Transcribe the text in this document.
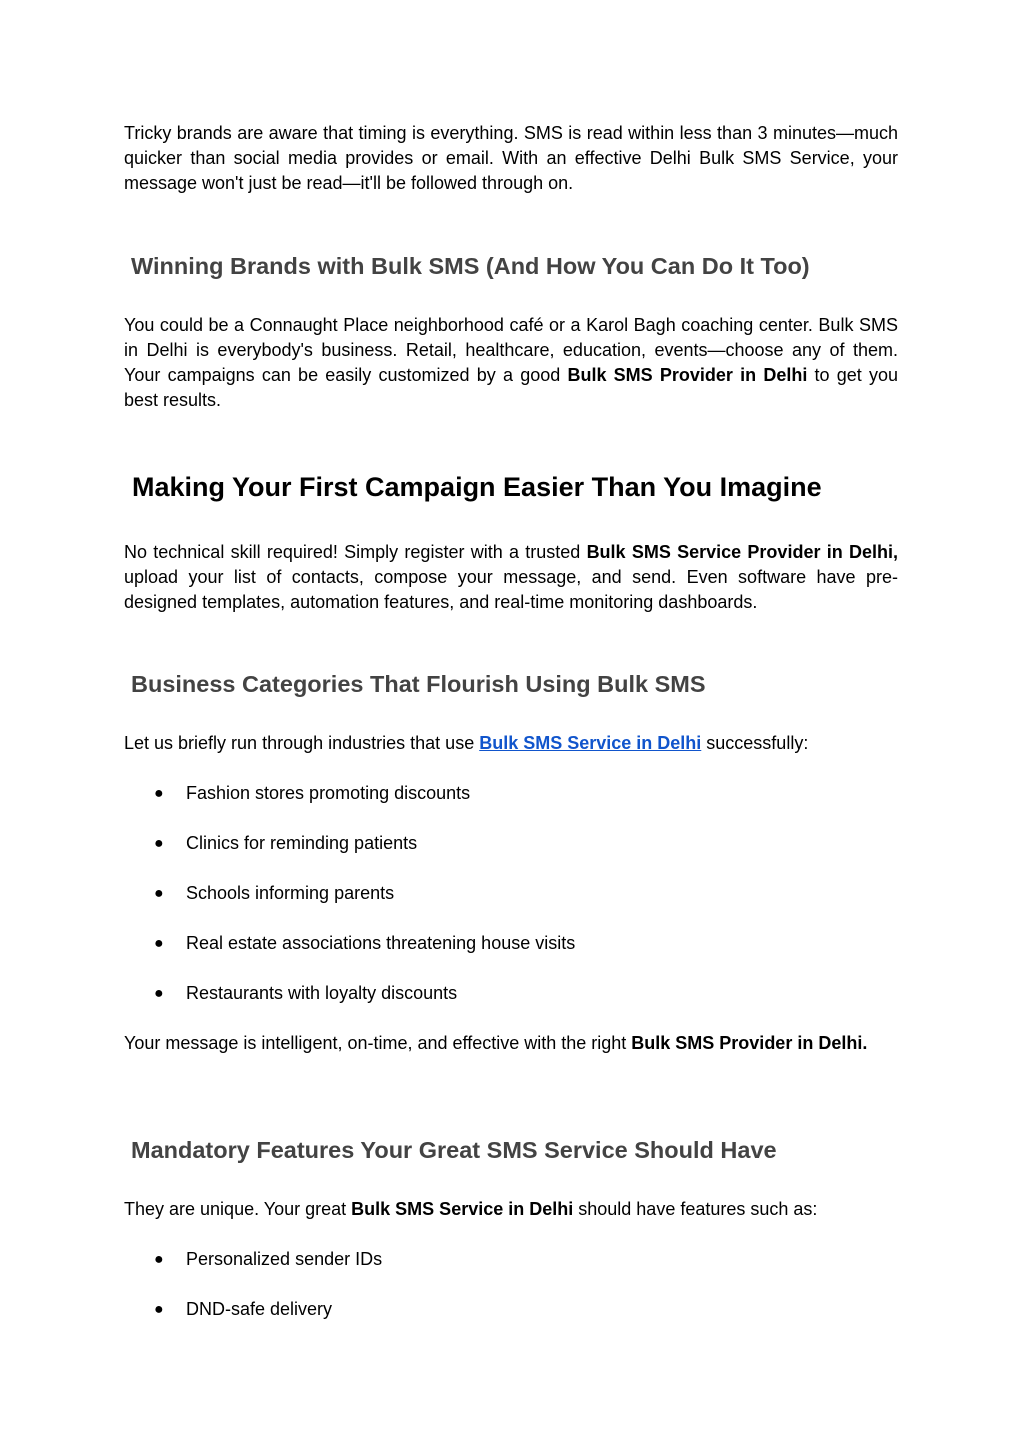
Tricky brands are aware that timing is everything. SMS is read within less than 3 minutes—much quicker than social media provides or email. With an effective Delhi Bulk SMS Service, your message won't just be read—it'll be followed through on.

Winning Brands with Bulk SMS (And How You Can Do It Too)

You could be a Connaught Place neighborhood café or a Karol Bagh coaching center. Bulk SMS in Delhi is everybody's business. Retail, healthcare, education, events—choose any of them. Your campaigns can be easily customized by a good Bulk SMS Provider in Delhi to get you best results.

Making Your First Campaign Easier Than You Imagine

No technical skill required! Simply register with a trusted Bulk SMS Service Provider in Delhi, upload your list of contacts, compose your message, and send. Even software have pre-designed templates, automation features, and real-time monitoring dashboards.

Business Categories That Flourish Using Bulk SMS

Let us briefly run through industries that use Bulk SMS Service in Delhi successfully:

● Fashion stores promoting discounts
● Clinics for reminding patients
● Schools informing parents
● Real estate associations threatening house visits
● Restaurants with loyalty discounts

Your message is intelligent, on-time, and effective with the right Bulk SMS Provider in Delhi.

Mandatory Features Your Great SMS Service Should Have

They are unique. Your great Bulk SMS Service in Delhi should have features such as:

● Personalized sender IDs
● DND-safe delivery
